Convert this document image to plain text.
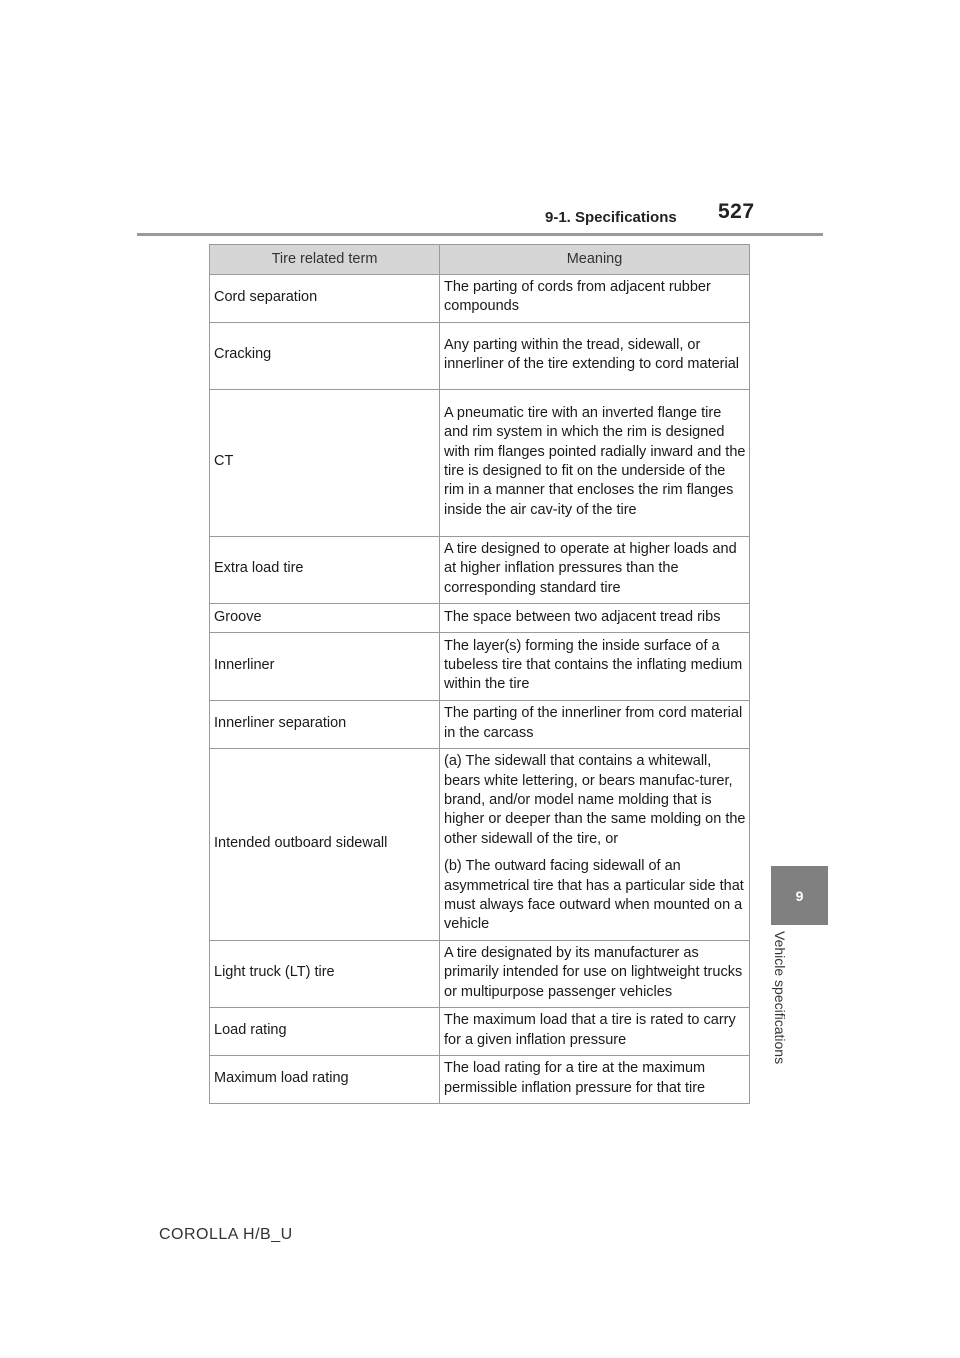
9-1. Specifications 527
9
Vehicle specifications
Tire related term	Meaning
Cord separation	The parting of cords from adjacent rubber compounds

Cracking	Any parting within the tread, sidewall, or innerliner of the tire extending to cord material

CT	A pneumatic tire with an inverted flange tire and rim system in which the rim is designed with rim flanges pointed radially inward and the tire is designed to fit on the underside of the rim in a manner that encloses the rim flanges inside the air cav-ity of the tire

Extra load tire	A tire designed to operate at higher loads and at higher inflation pressures than the corresponding standard tire

Groove	The space between two adjacent tread ribs

Innerliner	The layer(s) forming the inside surface of a tubeless tire that contains the inflating medium within the tire

Innerliner separation	The parting of the innerliner from cord material in the carcass

Intended outboard sidewall	(a) The sidewall that contains a whitewall, bears white lettering, or bears manufac-turer, brand, and/or model name molding that is higher or deeper than the same molding on the other sidewall of the tire, or

(b) The outward facing sidewall of an asymmetrical tire that has a particular side that must always face outward when mounted on a vehicle

Light truck (LT) tire	A tire designated by its manufacturer as primarily intended for use on lightweight trucks or multipurpose passenger vehicles

Load rating	The maximum load that a tire is rated to carry for a given inflation pressure

Maximum load rating	The load rating for a tire at the maximum permissible inflation pressure for that tire

COROLLA H/B_U
